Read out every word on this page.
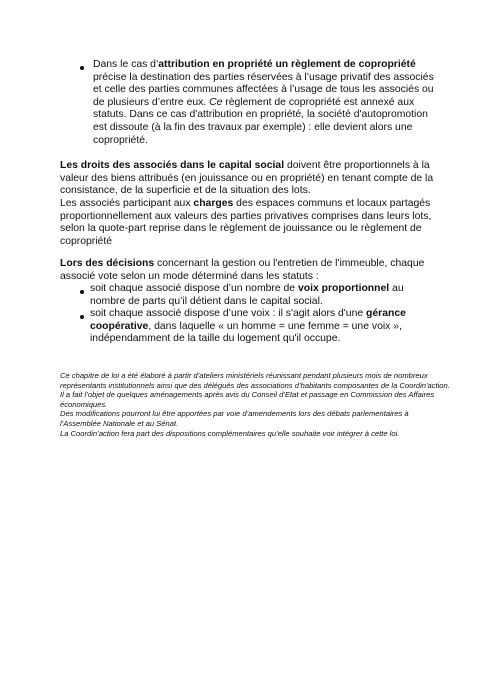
Dans le cas d’attribution en propriété un règlement de copropriété précise la destination des parties réservées à l’usage privatif des associés et celle des parties communes affectées à l’usage de tous les associés ou de plusieurs d’entre eux. Ce règlement de copropriété est annexé aux statuts. Dans ce cas d'attribution en propriété, la société d'autopromotion est dissoute (à la fin des travaux par exemple) : elle devient alors une copropriété.
Les droits des associés dans le capital social doivent être proportionnels à la valeur des biens attribués (en jouissance ou en propriété) en tenant compte de la consistance, de la superficie et de la situation des lots.
Les associés participant aux charges des espaces communs et locaux partagés proportionnellement aux valeurs des parties privatives comprises dans leurs lots, selon la quote-part reprise dans le règlement de jouissance ou le règlement de copropriété
Lors des décisions concernant la gestion ou l'entretien de l'immeuble, chaque associé vote selon un mode déterminé dans les statuts :
soit chaque associé dispose d’un nombre de voix proportionnel au nombre de parts qu’il détient dans le capital social.
soit chaque associé dispose d’une voix : il s'agit alors d'une gérance coopérative, dans laquelle « un homme = une femme = une voix », indépendamment de la taille du logement qu'il occupe.
Ce chapitre de loi a été élaboré à partir d’ateliers ministériels réunissant pendant plusieurs mois de nombreux représentants institutionnels ainsi que des délégués des associations d’habitants composantes de la Coordin'action.
Il a fait l’objet de quelques aménagements après avis du Conseil d’Etat et passage en Commission des Affaires économiques.
Des modifications pourront lui être apportées par voie d’amendements lors des débats parlementaires à l’Assemblée Nationale et au Sénat.
La Coordin’action fera part des dispositions complémentaires qu’elle souhaite voir intégrer à cette loi.
